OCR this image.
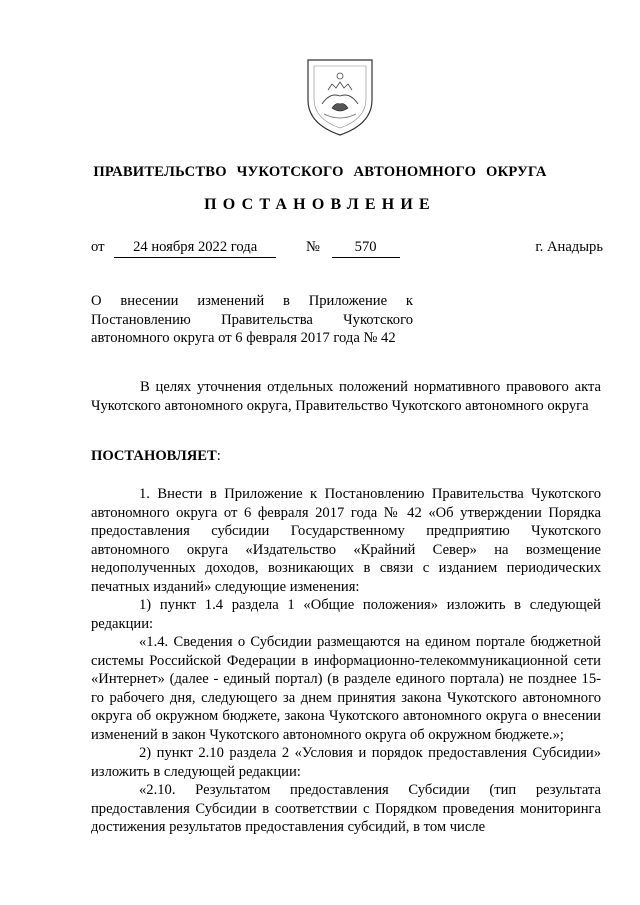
ПРАВИТЕЛЬСТВО ЧУКОТСКОГО АВТОНОМНОГО ОКРУГА
ПОСТАНОВЛЕНИЕ
от 24 ноября 2022 года	№ 570	г. Анадырь
О внесении изменений в Приложение к Постановлению Правительства Чукотского автономного округа от 6 февраля 2017 года № 42

В целях уточнения отдельных положений нормативного правового акта Чукотского автономного округа, Правительство Чукотского автономного округа

ПОСТАНОВЛЯЕТ:

1. Внести в Приложение к Постановлению Правительства Чукотского автономного округа от 6 февраля 2017 года № 42 «Об утверждении Порядка предоставления субсидии Государственному предприятию Чукотского автономного округа «Издательство «Крайний Север» на возмещение недополученных доходов, возникающих в связи с изданием периодических печатных изданий» следующие изменения:

1) пункт 1.4 раздела 1 «Общие положения» изложить в следующей редакции:

«1.4. Сведения о Субсидии размещаются на едином портале бюджетной системы Российской Федерации в информационно-телекоммуникационной сети «Интернет» (далее - единый портал) (в разделе единого портала) не позднее 15-го рабочего дня, следующего за днем принятия закона Чукотского автономного округа об окружном бюджете, закона Чукотского автономного округа о внесении изменений в закон Чукотского автономного округа об окружном бюджете.»;

2) пункт 2.10 раздела 2 «Условия и порядок предоставления Субсидии» изложить в следующей редакции:

«2.10. Результатом предоставления Субсидии (тип результата предоставления Субсидии в соответствии с Порядком проведения мониторинга достижения результатов предоставления субсидий, в том числе
